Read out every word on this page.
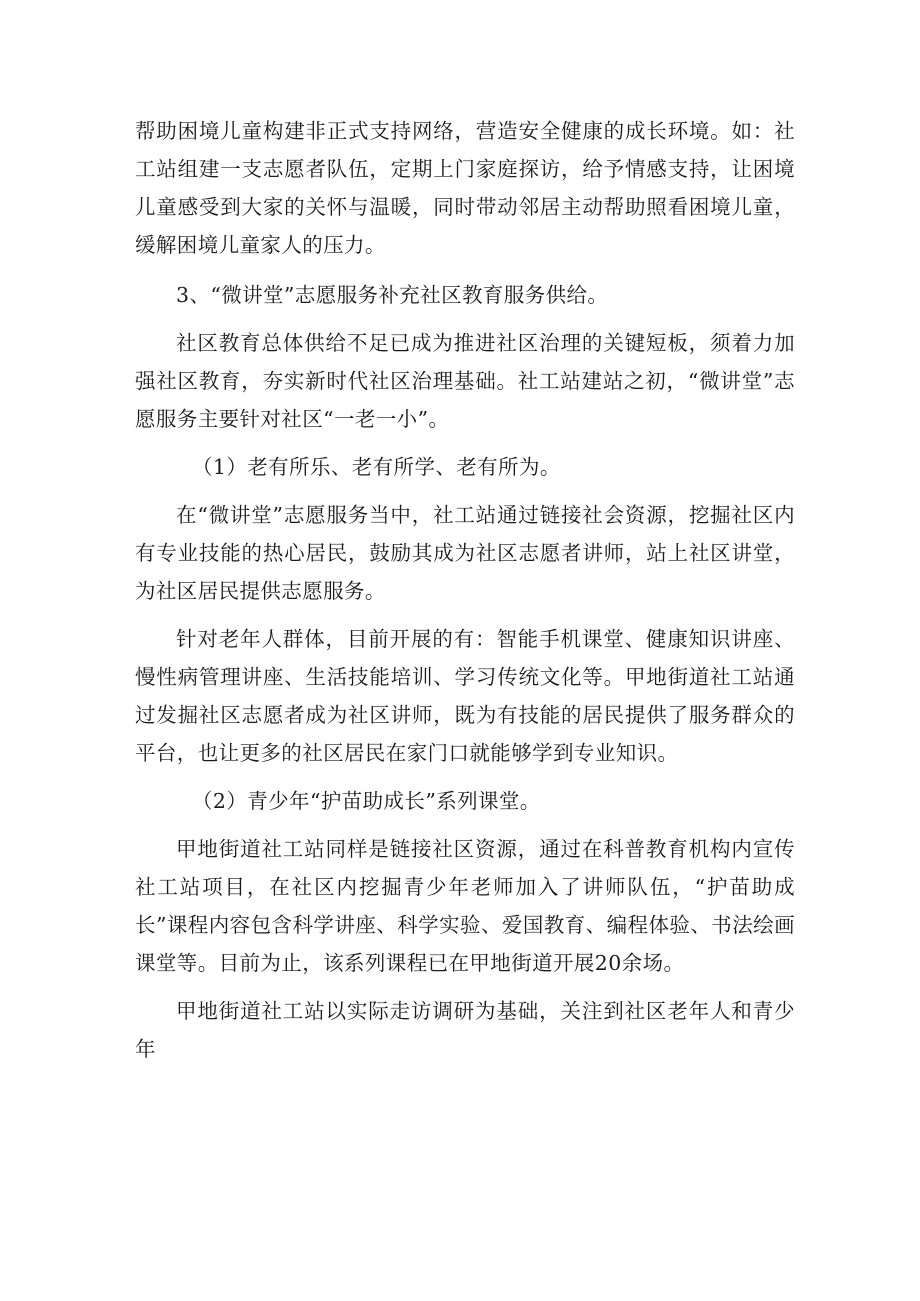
帮助困境儿童构建非正式支持网络，营造安全健康的成长环境。如：社工站组建一支志愿者队伍，定期上门家庭探访，给予情感支持，让困境儿童感受到大家的关怀与温暖，同时带动邻居主动帮助照看困境儿童，缓解困境儿童家人的压力。

3、“微讲堂”志愿服务补充社区教育服务供给。

社区教育总体供给不足已成为推进社区治理的关键短板，须着力加强社区教育，夯实新时代社区治理基础。社工站建站之初，“微讲堂”志愿服务主要针对社区“一老一小”。

（1）老有所乐、老有所学、老有所为。

在“微讲堂”志愿服务当中，社工站通过链接社会资源，挖掘社区内有专业技能的热心居民，鼓励其成为社区志愿者讲师，站上社区讲堂，为社区居民提供志愿服务。

针对老年人群体，目前开展的有：智能手机课堂、健康知识讲座、慢性病管理讲座、生活技能培训、学习传统文化等。甲地街道社工站通过发掘社区志愿者成为社区讲师，既为有技能的居民提供了服务群众的平台，也让更多的社区居民在家门口就能够学到专业知识。

（2）青少年“护苗助成长”系列课堂。

甲地街道社工站同样是链接社区资源，通过在科普教育机构内宣传社工站项目，在社区内挖掘青少年老师加入了讲师队伍，“护苗助成长”课程内容包含科学讲座、科学实验、爱国教育、编程体验、书法绘画课堂等。目前为止，该系列课程已在甲地街道开展20余场。

甲地街道社工站以实际走访调研为基础，关注到社区老年人和青少年
